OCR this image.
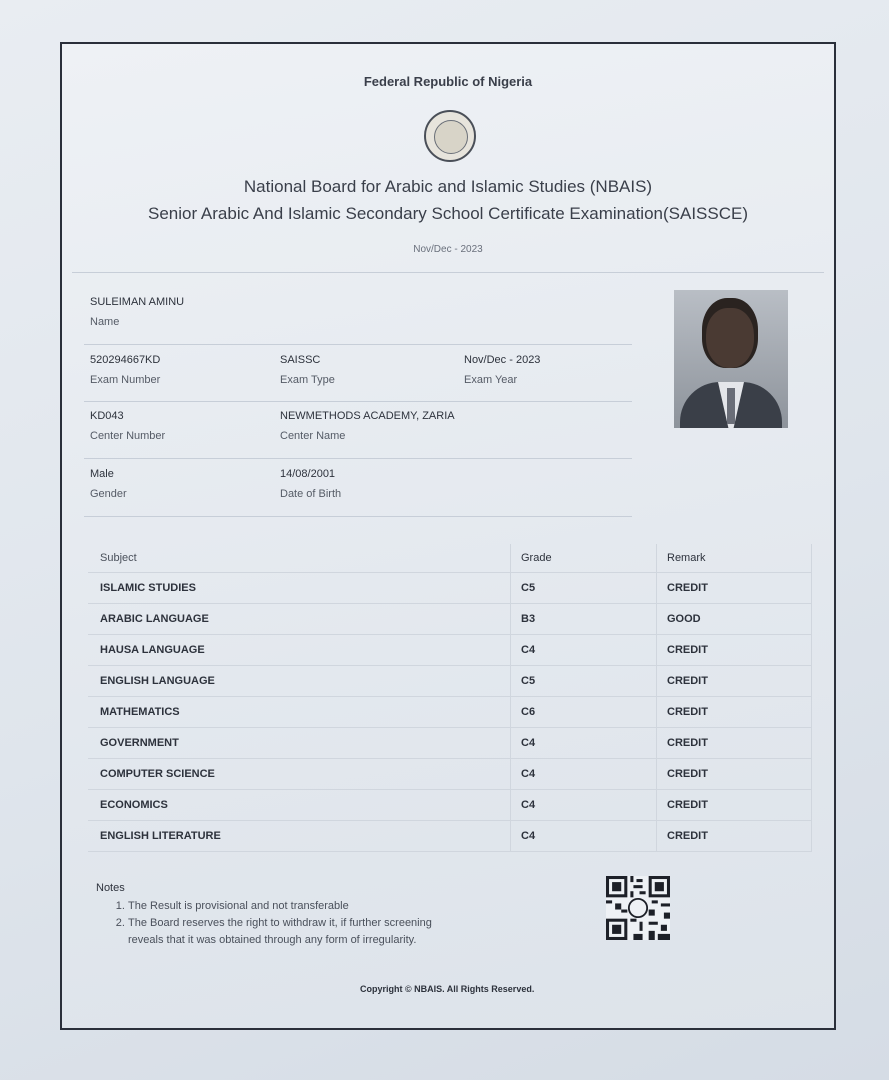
Federal Republic of Nigeria
National Board for Arabic and Islamic Studies (NBAIS)
Senior Arabic And Islamic Secondary School Certificate Examination(SAISSCE)
Nov/Dec - 2023
SULEIMAN AMINU
Name
520294667KD
Exam Number
SAISSC
Exam Type
Nov/Dec - 2023
Exam Year
KD043
Center Number
NEWMETHODS ACADEMY, ZARIA
Center Name
Male
Gender
14/08/2001
Date of Birth
Subject	Grade	Remark
ISLAMIC STUDIES	C5	CREDIT
ARABIC LANGUAGE	B3	GOOD
HAUSA LANGUAGE	C4	CREDIT
ENGLISH LANGUAGE	C5	CREDIT
MATHEMATICS	C6	CREDIT
GOVERNMENT	C4	CREDIT
COMPUTER SCIENCE	C4	CREDIT
ECONOMICS	C4	CREDIT
ENGLISH LITERATURE	C4	CREDIT
Notes
1. The Result is provisional and not transferable
2. The Board reserves the right to withdraw it, if further screening reveals that it was obtained through any form of irregularity.
Copyright © NBAIS. All Rights Reserved.
